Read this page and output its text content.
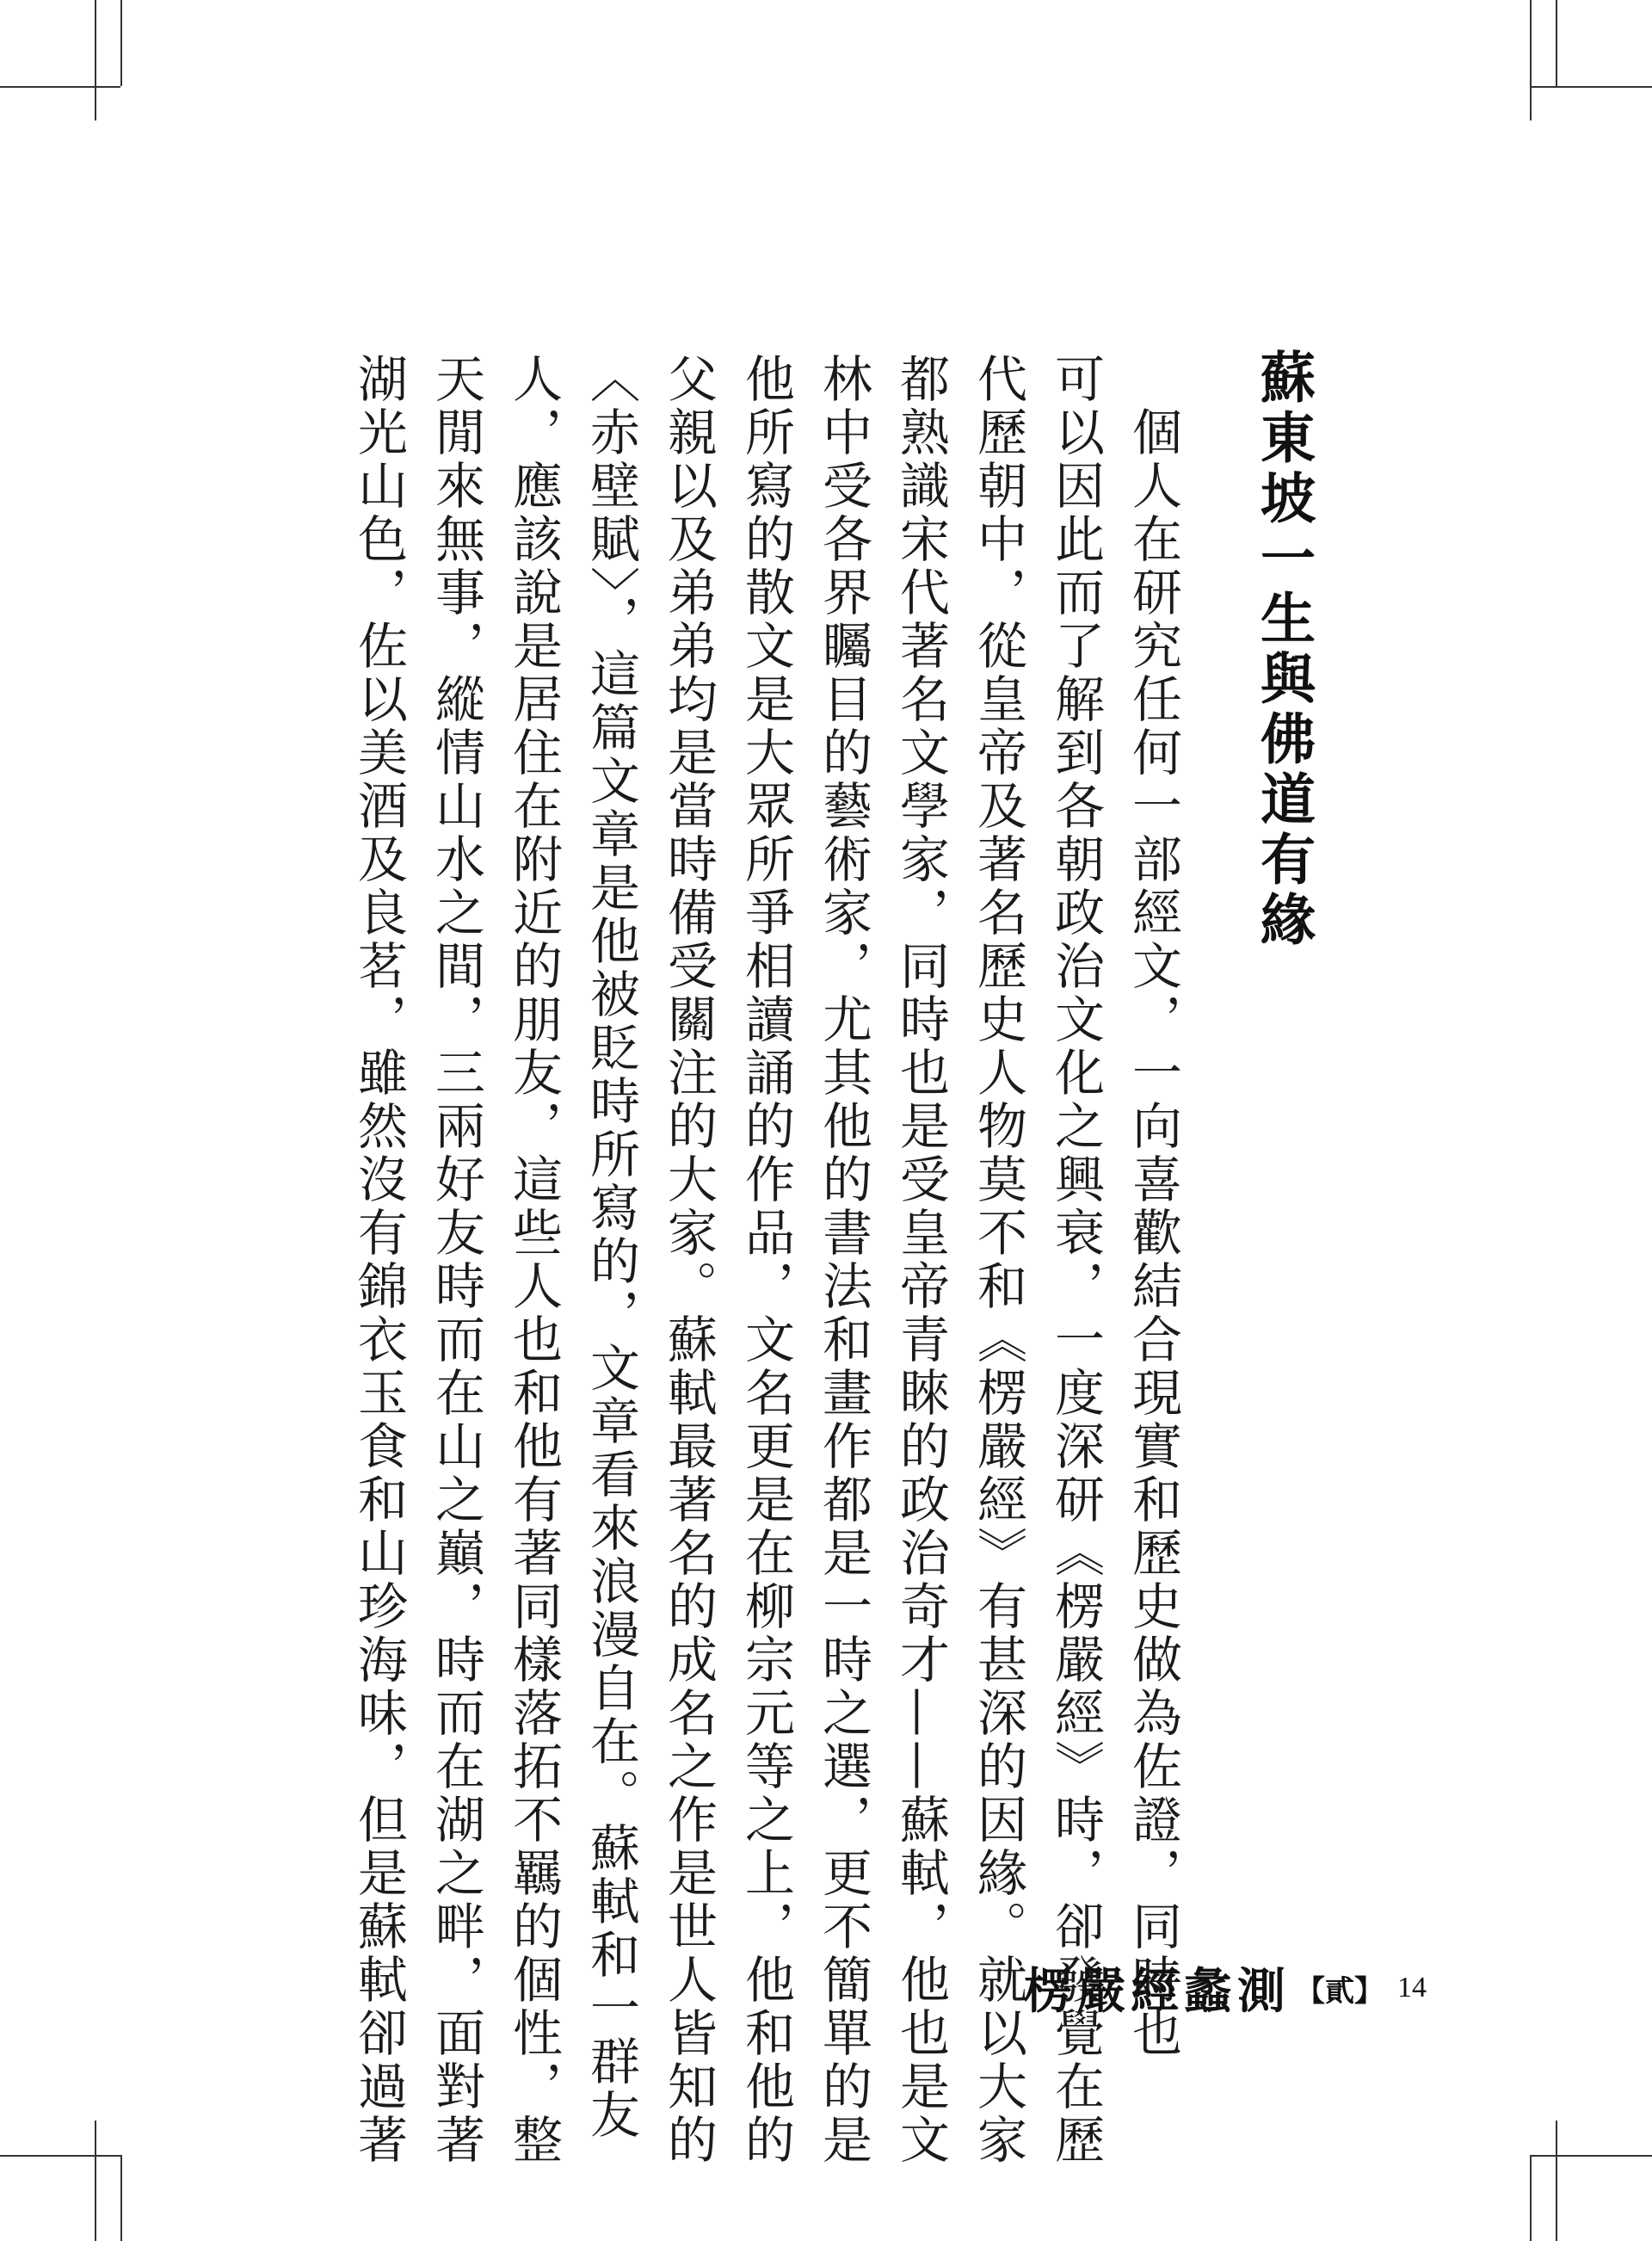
蘇東坡一生與佛道有緣
　個人在研究任何一部經文，一向喜歡結合現實和歷史做為佐證，同時也
可以因此而了解到各朝政治文化之興衰，一度深研《楞嚴經》時，卻發覺在歷
代歷朝中，從皇帝及著名歷史人物莫不和《楞嚴經》有甚深的因緣。就以大家
都熟識宋代著名文學家，同時也是受皇帝青睞的政治奇才——蘇軾，他也是文
林中受各界矚目的藝術家，尤其他的書法和畫作都是一時之選，更不簡單的是
他所寫的散文是大眾所爭相讀誦的作品，文名更是在柳宗元等之上，他和他的
父親以及弟弟均是當時備受關注的大家。蘇軾最著名的成名之作是世人皆知的
〈赤壁賦〉，這篇文章是他被貶時所寫的，文章看來浪漫自在。蘇軾和一群友
人，應該說是居住在附近的朋友，這些人也和他有著同樣落拓不羈的個性，整
天閒來無事，縱情山水之間，三兩好友時而在山之巔，時而在湖之畔，面對著
湖光山色，佐以美酒及良茗，雖然沒有錦衣玉食和山珍海味，但是蘇軾卻過著	楞嚴經蠡測 【貳】 14
